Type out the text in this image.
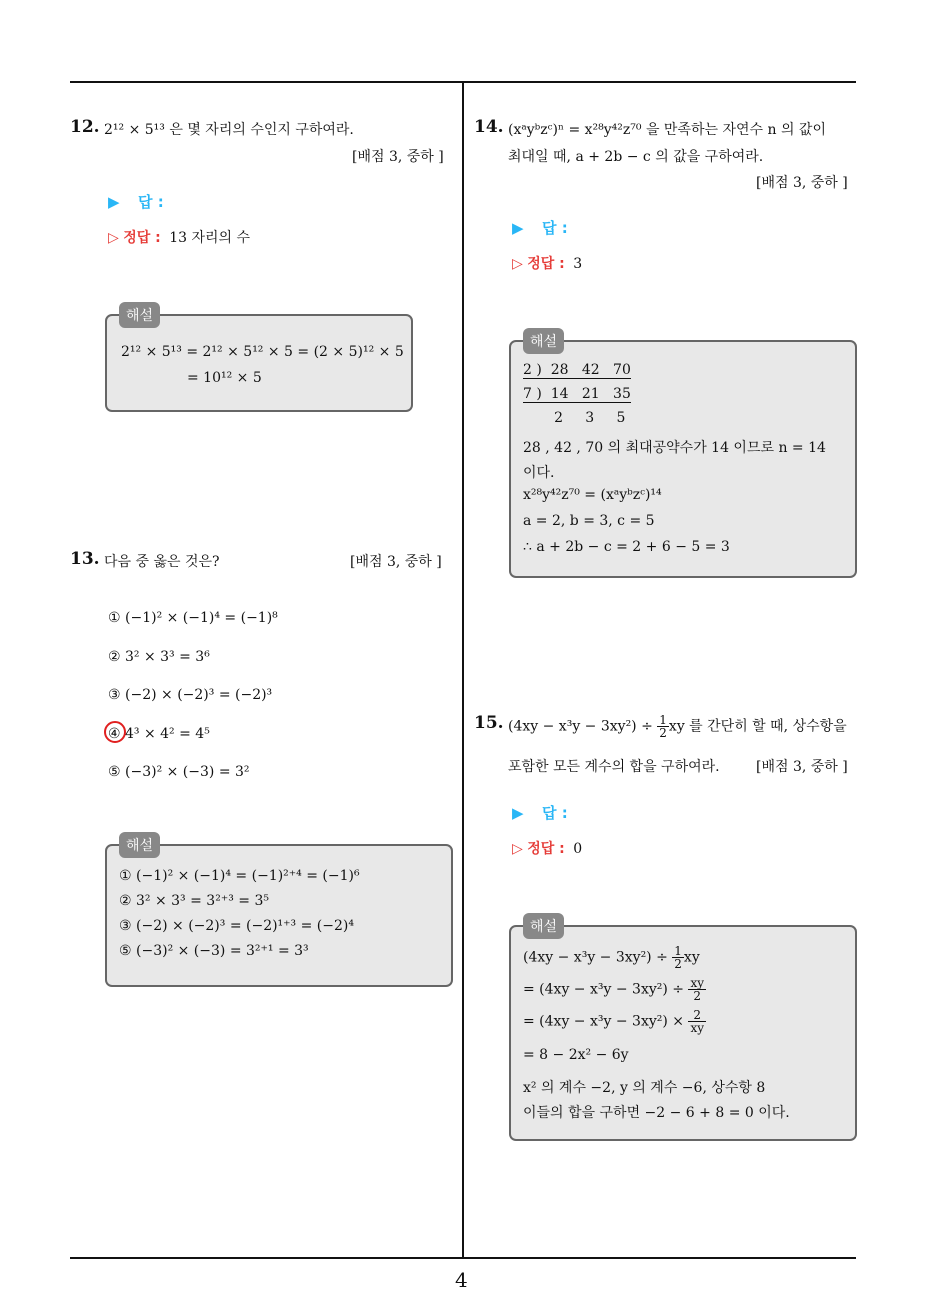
4
12. 2¹² × 5¹³ 은 몇 자리의 수인지 구하여라.
[배점 3, 중하 ]
▶ 답 :
▷ 정답 : 13 자리의 수
2¹² × 5¹³ = 2¹² × 5¹² × 5 = (2 × 5)¹² × 5
= 10¹² × 5
해설
13. 다음 중 옳은 것은?	[배점 3, 중하 ]
① (−1)² × (−1)⁴ = (−1)⁸
② 3² × 3³ = 3⁶
③ (−2) × (−2)³ = (−2)³
④ 4³ × 4² = 4⁵
⑤ (−3)² × (−3) = 3²
① (−1)² × (−1)⁴ = (−1)²⁺⁴ = (−1)⁶
② 3² × 3³ = 3²⁺³ = 3⁵
③ (−2) × (−2)³ = (−2)¹⁺³ = (−2)⁴
⑤ (−3)² × (−3) = 3²⁺¹ = 3³
해설
14. (xᵃyᵇzᶜ)ⁿ = x²⁸y⁴²z⁷⁰ 을 만족하는 자연수 n 의 값이
최대일 때, a + 2b − c 의 값을 구하여라.
[배점 3, 중하 ]
▶ 답 :
▷ 정답 : 3
2 )  28   42   70
7 )  14   21   35
2     3     5
28 , 42 , 70 의 최대공약수가 14 이므로 n = 14
이다.
x²⁸y⁴²z⁷⁰ = (xᵃyᵇzᶜ)¹⁴
a = 2, b = 3, c = 5
∴ a + 2b − c = 2 + 6 − 5 = 3
해설
15. $(4xy - x^3y - 3xy^2) \div \frac{1}{2}$ xy 를 간단히 할 때, 상수항을
포함한 모든 계수의 합을 구하여라.	[배점 3, 중하 ]
▶ 답 :
▷ 정답 : 0
$(4xy - x^3y - 3xy^2) \div \frac{1}{2}$ xy
= $(4xy - x^3y - 3xy^2) \div \frac{xy}{2}$
= $(4xy - x^3y - 3xy^2) \times \frac{2}{xy}$
= 8 − 2x² − 6y
x² 의 계수 −2, y 의 계수 −6, 상수항 8
이들의 합을 구하면 −2 − 6 + 8 = 0 이다.
해설
